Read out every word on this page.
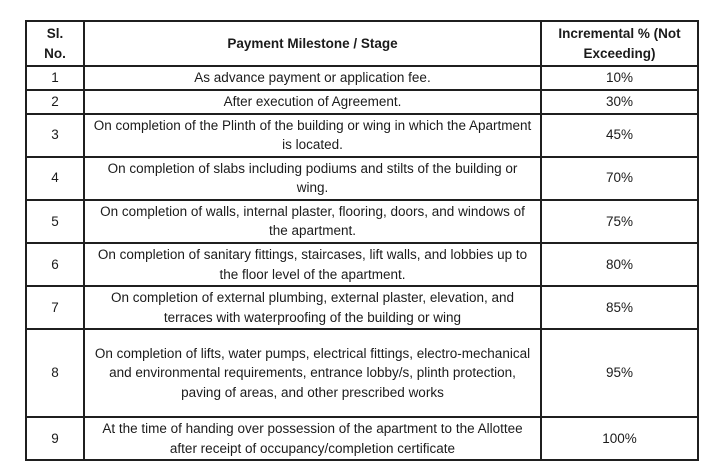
Sl. No.	Payment Milestone / Stage	Incremental % (Not Exceeding)
1	As advance payment or application fee.	10%
2	After execution of Agreement.	30%
3	On completion of the Plinth of the building or wing in which the Apartment is located.	45%
4	On completion of slabs including podiums and stilts of the building or wing.	70%
5	On completion of walls, internal plaster, flooring, doors, and windows of the apartment.	75%
6	On completion of sanitary fittings, staircases, lift walls, and lobbies up to the floor level of the apartment.	80%
7	On completion of external plumbing, external plaster, elevation, and terraces with waterproofing of the building or wing	85%
8	On completion of lifts, water pumps, electrical fittings, electro-mechanical and environmental requirements, entrance lobby/s, plinth protection, paving of areas, and other prescribed works	95%
9	At the time of handing over possession of the apartment to the Allottee after receipt of occupancy/completion certificate	100%
